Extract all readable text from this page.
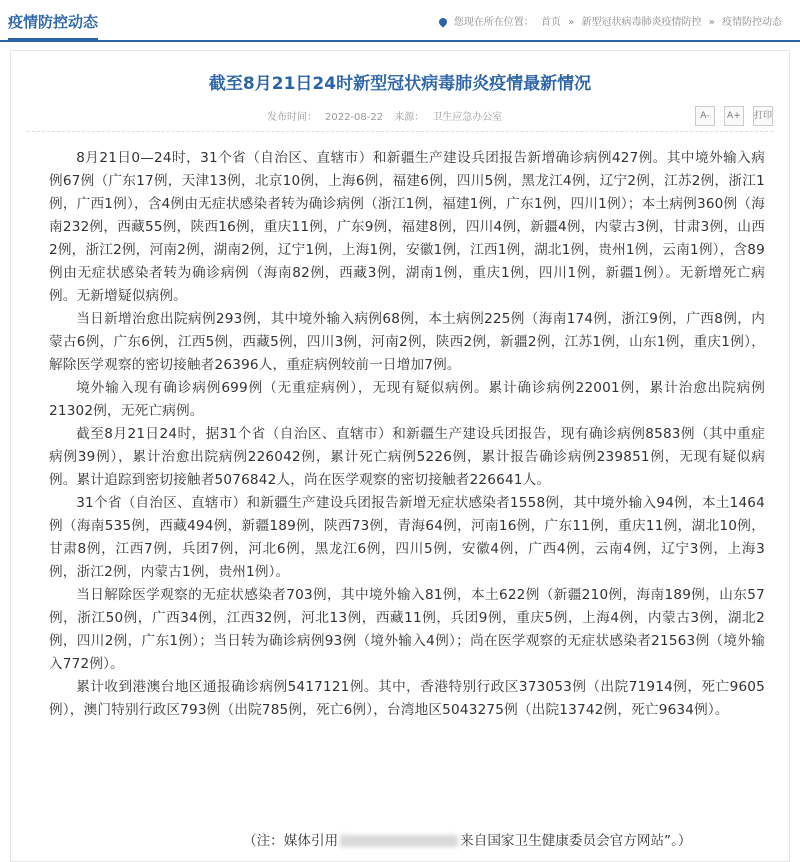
疫情防控动态	您现在所在位置： 首页 » 新型冠状病毒肺炎疫情防控 » 疫情防控动态
截至8月21日24时新型冠状病毒肺炎疫情最新情况
发布时间： 2022-08-22 来源： 卫生应急办公室	A- A+ 打印

8月21日0—24时，31个省（自治区、直辖市）和新疆生产建设兵团报告新增确诊病例427例。其中境外输入病例67例（广东17例，天津13例，北京10例，上海6例，福建6例，四川5例，黑龙江4例，辽宁2例，江苏2例，浙江1例，广西1例），含4例由无症状感染者转为确诊病例（浙江1例，福建1例，广东1例，四川1例）；本土病例360例（海南232例，西藏55例，陕西16例，重庆11例，广东9例，福建8例，四川4例，新疆4例，内蒙古3例，甘肃3例，山西2例，浙江2例，河南2例，湖南2例，辽宁1例，上海1例，安徽1例，江西1例，湖北1例，贵州1例，云南1例），含89例由无症状感染者转为确诊病例（海南82例，西藏3例，湖南1例，重庆1例，四川1例，新疆1例）。无新增死亡病例。无新增疑似病例。

当日新增治愈出院病例293例，其中境外输入病例68例，本土病例225例（海南174例，浙江9例，广西8例，内蒙古6例，广东6例，江西5例，西藏5例，四川3例，河南2例，陕西2例，新疆2例，江苏1例，山东1例，重庆1例），解除医学观察的密切接触者26396人，重症病例较前一日增加7例。

境外输入现有确诊病例699例（无重症病例），无现有疑似病例。累计确诊病例22001例，累计治愈出院病例21302例，无死亡病例。

截至8月21日24时，据31个省（自治区、直辖市）和新疆生产建设兵团报告，现有确诊病例8583例（其中重症病例39例），累计治愈出院病例226042例，累计死亡病例5226例，累计报告确诊病例239851例，无现有疑似病例。累计追踪到密切接触者5076842人，尚在医学观察的密切接触者226641人。

31个省（自治区、直辖市）和新疆生产建设兵团报告新增无症状感染者1558例，其中境外输入94例，本土1464例（海南535例，西藏494例，新疆189例，陕西73例，青海64例，河南16例，广东11例，重庆11例，湖北10例，甘肃8例，江西7例，兵团7例，河北6例，黑龙江6例，四川5例，安徽4例，广西4例，云南4例，辽宁3例，上海3例，浙江2例，内蒙古1例，贵州1例）。

当日解除医学观察的无症状感染者703例，其中境外输入81例，本土622例（新疆210例，海南189例，山东57例，浙江50例，广西34例，江西32例，河北13例，西藏11例，兵团9例，重庆5例，上海4例，内蒙古3例，湖北2例，四川2例，广东1例）；当日转为确诊病例93例（境外输入4例）；尚在医学观察的无症状感染者21563例（境外输入772例）。

累计收到港澳台地区通报确诊病例5417121例。其中，香港特别行政区373053例（出院71914例，死亡9605例），澳门特别行政区793例（出院785例，死亡6例），台湾地区5043275例（出院13742例，死亡9634例）。

（注：媒体引用	来自国家卫生健康委员会官方网站”。）
